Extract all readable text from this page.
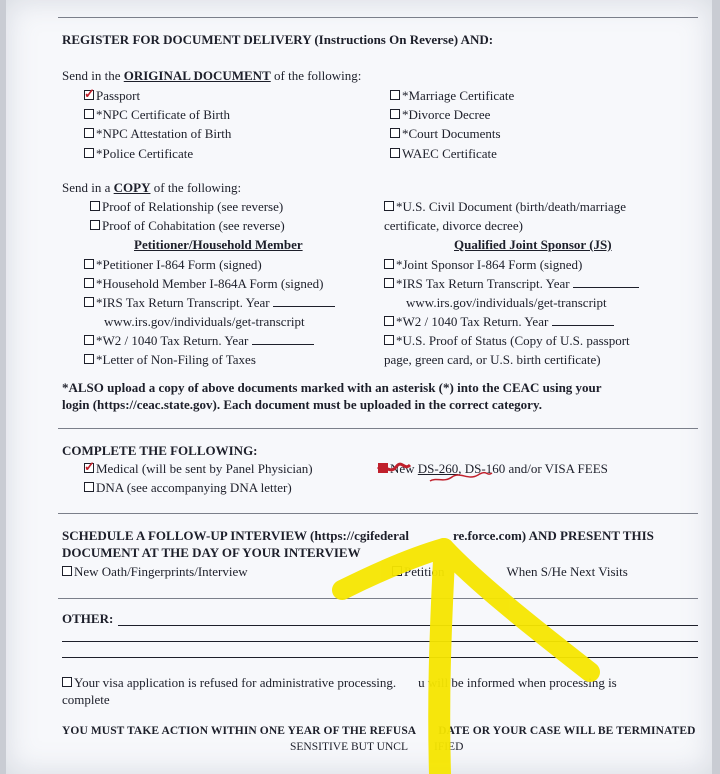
REGISTER FOR DOCUMENT DELIVERY (Instructions On Reverse) AND:
Send in the ORIGINAL DOCUMENT of the following:
✓ Passport
*NPC Certificate of Birth
*NPC Attestation of Birth
*Police Certificate
*Marriage Certificate
*Divorce Decree
*Court Documents
WAEC Certificate
Send in a COPY of the following:
Proof of Relationship (see reverse)
Proof of Cohabitation (see reverse)
*U.S. Civil Document (birth/death/marriage
certificate, divorce decree)
Petitioner/Household Member	Qualified Joint Sponsor (JS)
*Petitioner I-864 Form (signed)
*Household Member I-864A Form (signed)
*IRS Tax Return Transcript. Year
www.irs.gov/individuals/get-transcript
*W2 / 1040 Tax Return. Year
*Letter of Non-Filing of Taxes
*Joint Sponsor I-864 Form (signed)
*IRS Tax Return Transcript. Year
www.irs.gov/individuals/get-transcript
*W2 / 1040 Tax Return. Year
*U.S. Proof of Status (Copy of U.S. passport
page, green card, or U.S. birth certificate)
*ALSO upload a copy of above documents marked with an asterisk (*) into the CEAC using your
login (https://ceac.state.gov). Each document must be uploaded in the correct category.
COMPLETE THE FOLLOWING:
✓ Medical (will be sent by Panel Physician)
DNA (see accompanying DNA letter)
New DS-260, DS-160 and/or VISA FEES
SCHEDULE A FOLLOW-UP INTERVIEW (https://cgifederal	re.force.com) AND PRESENT THIS
DOCUMENT AT THE DAY OF YOUR INTERVIEW
New Oath/Fingerprints/Interview	Petition	When S/He Next Visits
OTHER:
Your visa application is refused for administrative processing. u will be informed when processing is
complete
YOU MUST TAKE ACTION WITHIN ONE YEAR OF THE REFUSA DATE OR YOUR CASE WILL BE TERMINATED
SENSITIVE BUT UNCL IFIED
